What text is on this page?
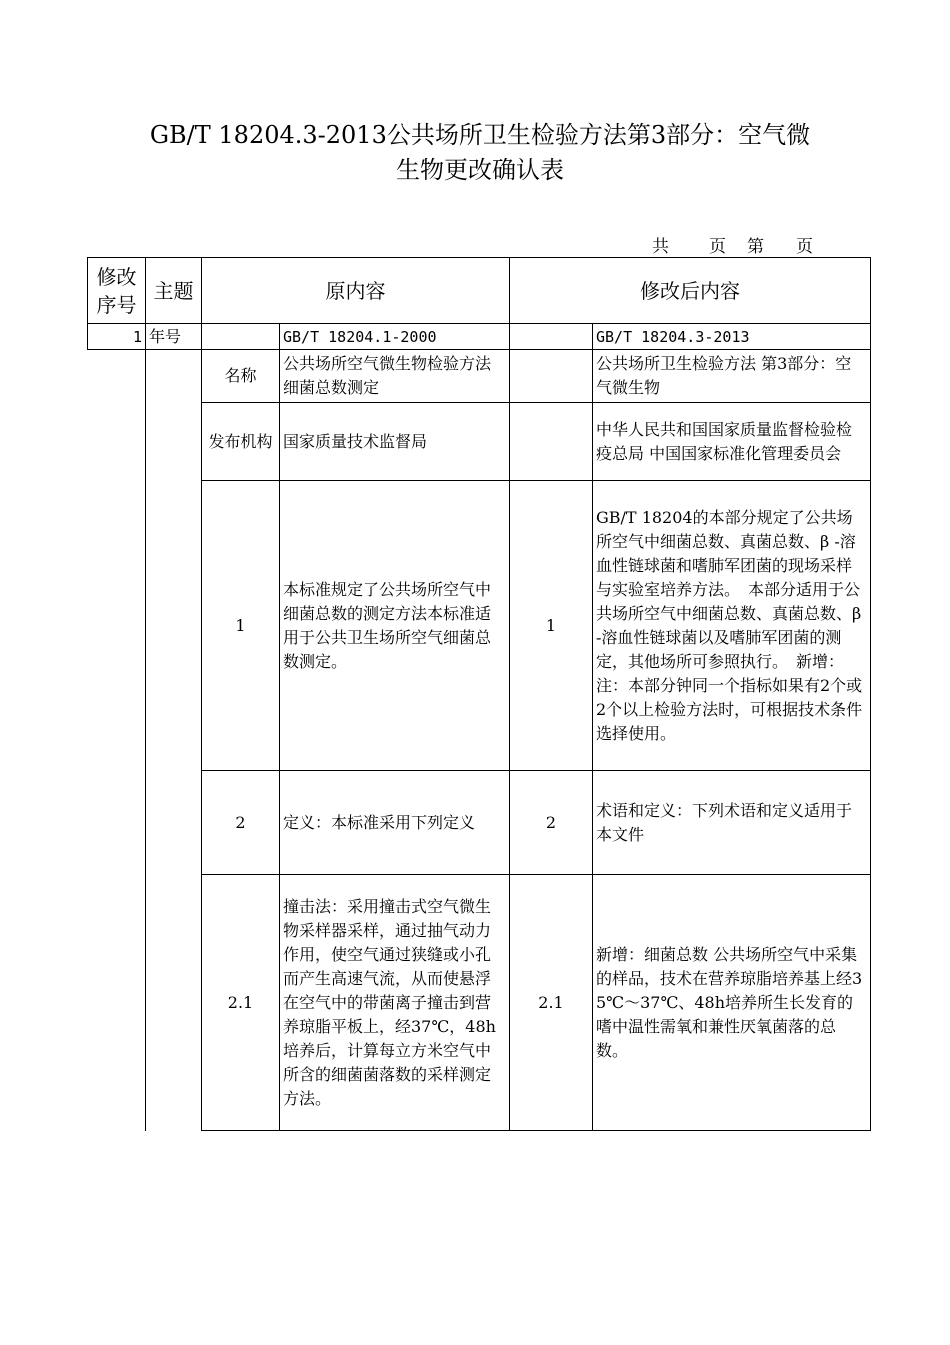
GB/T 18204.3-2013公共场所卫生检验方法第3部分：空气微
生物更改确认表
共 页 第 页
修改序号	主题	原内容		修改后内容	
1	年号		GB/T 18204.1-2000		GB/T 18204.3-2013
		名称	公共场所空气微生物检验方法 细菌总数测定		公共场所卫生检验方法 第3部分：空气微生物
		发布机构	国家质量技术监督局		中华人民共和国国家质量监督检验检疫总局 中国国家标准化管理委员会
		1	本标准规定了公共场所空气中细菌总数的测定方法本标准适用于公共卫生场所空气细菌总数测定。	1	GB/T 18204的本部分规定了公共场所空气中细菌总数、真菌总数、β -溶血性链球菌和嗜肺军团菌的现场采样与实验室培养方法。　本部分适用于公共场所空气中细菌总数、真菌总数、β -溶血性链球菌以及嗜肺军团菌的测定，其他场所可参照执行。　新增：注：本部分钟同一个指标如果有2个或2个以上检验方法时，可根据技术条件选择使用。
		2	定义：本标准采用下列定义	2	术语和定义：下列术语和定义适用于本文件
		2.1	撞击法：采用撞击式空气微生物采样器采样，通过抽气动力作用，使空气通过狭缝或小孔而产生高速气流，从而使悬浮在空气中的带菌离子撞击到营养琼脂平板上，经37℃，48h培养后，计算每立方米空气中所含的细菌菌落数的采样测定方法。	2.1	新增：细菌总数 公共场所空气中采集的样品，技术在营养琼脂培养基上经35℃～37℃、48h培养所生长发育的嗜中温性需氧和兼性厌氧菌落的总数。
